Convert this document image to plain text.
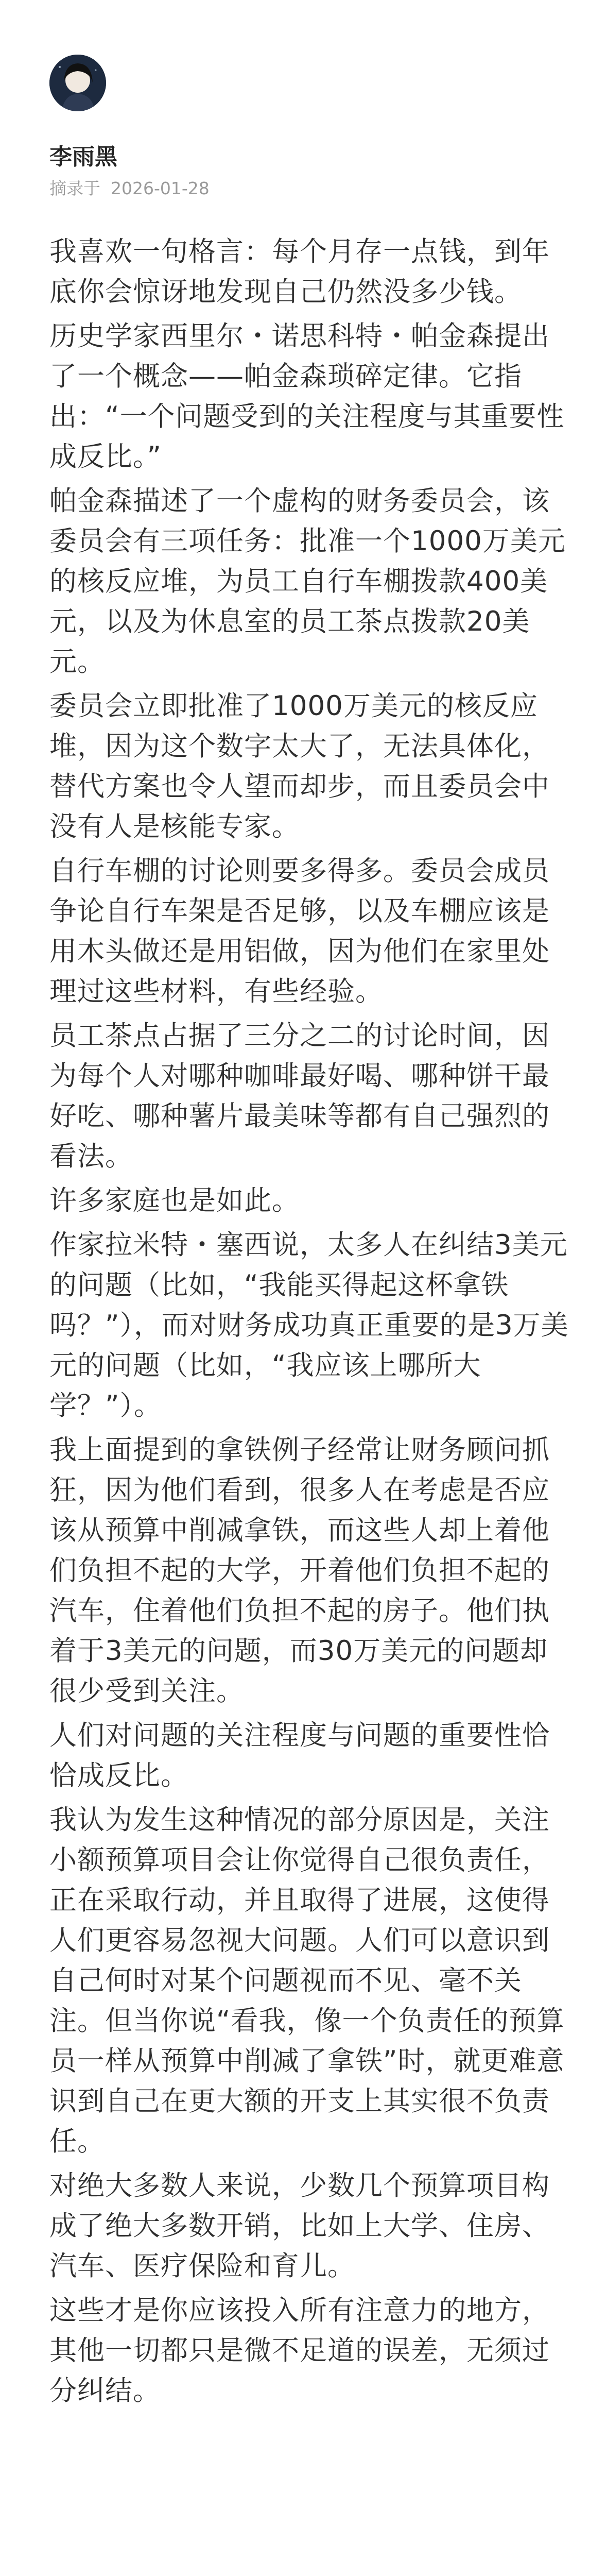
李雨黑
摘录于 2026-01-28

我喜欢一句格言：每个月存一点钱，到年底你会惊讶地发现自己仍然没多少钱。

历史学家西里尔・诺思科特・帕金森提出了一个概念——帕金森琐碎定律。它指出：“一个问题受到的关注程度与其重要性成反比。”

帕金森描述了一个虚构的财务委员会，该委员会有三项任务：批准一个1000万美元的核反应堆，为员工自行车棚拨款400美元，以及为休息室的员工茶点拨款20美元。

委员会立即批准了1000万美元的核反应堆，因为这个数字太大了，无法具体化，替代方案也令人望而却步，而且委员会中没有人是核能专家。

自行车棚的讨论则要多得多。委员会成员争论自行车架是否足够，以及车棚应该是用木头做还是用铝做，因为他们在家里处理过这些材料，有些经验。

员工茶点占据了三分之二的讨论时间，因为每个人对哪种咖啡最好喝、哪种饼干最好吃、哪种薯片最美味等都有自己强烈的看法。

许多家庭也是如此。

作家拉米特・塞西说，太多人在纠结3美元的问题（比如，“我能买得起这杯拿铁吗？”），而对财务成功真正重要的是3万美元的问题（比如，“我应该上哪所大学？”）。

我上面提到的拿铁例子经常让财务顾问抓狂，因为他们看到，很多人在考虑是否应该从预算中削减拿铁，而这些人却上着他们负担不起的大学，开着他们负担不起的汽车，住着他们负担不起的房子。他们执着于3美元的问题，而30万美元的问题却很少受到关注。

人们对问题的关注程度与问题的重要性恰恰成反比。

我认为发生这种情况的部分原因是，关注小额预算项目会让你觉得自己很负责任，正在采取行动，并且取得了进展，这使得人们更容易忽视大问题。人们可以意识到自己何时对某个问题视而不见、毫不关注。但当你说“看我，像一个负责任的预算员一样从预算中削减了拿铁”时，就更难意识到自己在更大额的开支上其实很不负责任。

对绝大多数人来说，少数几个预算项目构成了绝大多数开销，比如上大学、住房、汽车、医疗保险和育儿。

这些才是你应该投入所有注意力的地方，其他一切都只是微不足道的误差，无须过分纠结。
